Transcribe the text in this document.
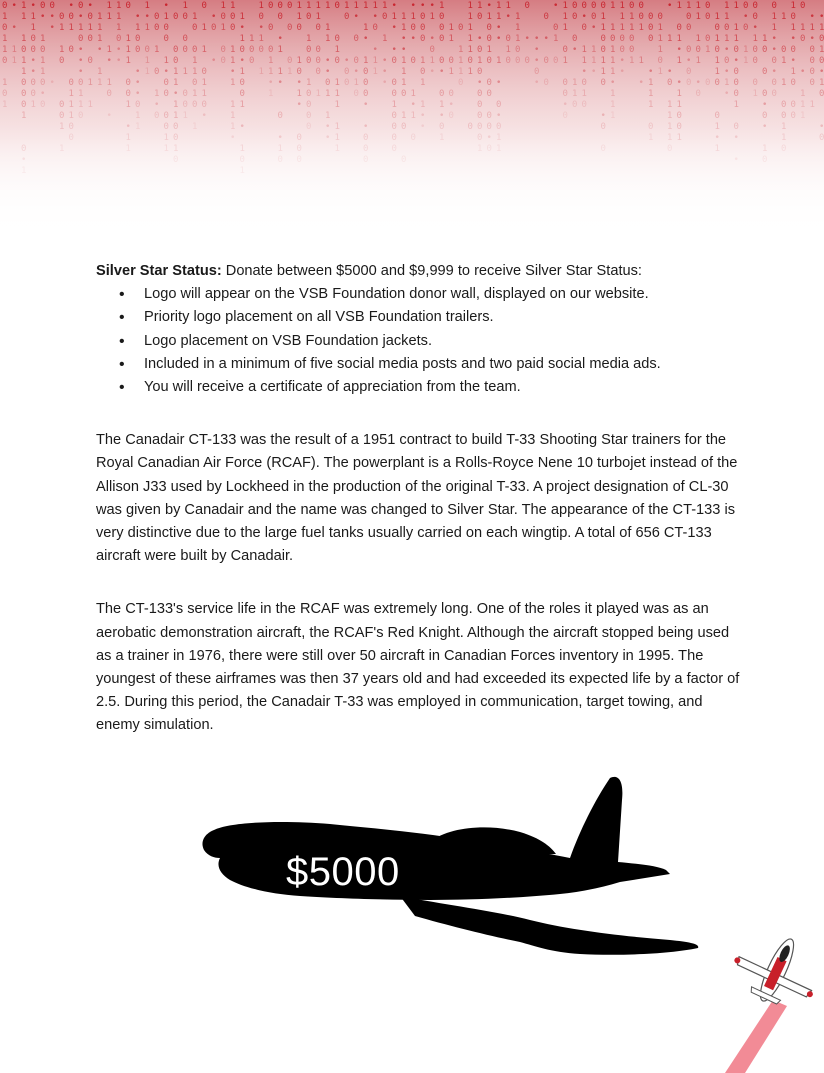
Silver Star Status: Donate between $5000 and $9,999 to receive Silver Star Status:
• Logo will appear on the VSB Foundation donor wall, displayed on our website.
• Priority logo placement on all VSB Foundation trailers.
• Logo placement on VSB Foundation jackets.
• Included in a minimum of five social media posts and two paid social media ads.
• You will receive a certificate of appreciation from the team.

The Canadair CT-133 was the result of a 1951 contract to build T-33 Shooting Star trainers for the Royal Canadian Air Force (RCAF). The powerplant is a Rolls-Royce Nene 10 turbojet instead of the Allison J33 used by Lockheed in the production of the original T-33. A project designation of CL-30 was given by Canadair and the name was changed to Silver Star. The appearance of the CT-133 is very distinctive due to the large fuel tanks usually carried on each wingtip. A total of 656 CT-133 aircraft were built by Canadair.

The CT-133's service life in the RCAF was extremely long. One of the roles it played was as an aerobatic demonstration aircraft, the RCAF's Red Knight. Although the aircraft stopped being used as a trainer in 1976, there were still over 50 aircraft in Canadian Forces inventory in 1995. The youngest of these airframes was then 37 years old and had exceeded its expected life by a factor of 2.5. During this period, the Canadair T-33 was employed in communication, target towing, and enemy simulation.

$5000
